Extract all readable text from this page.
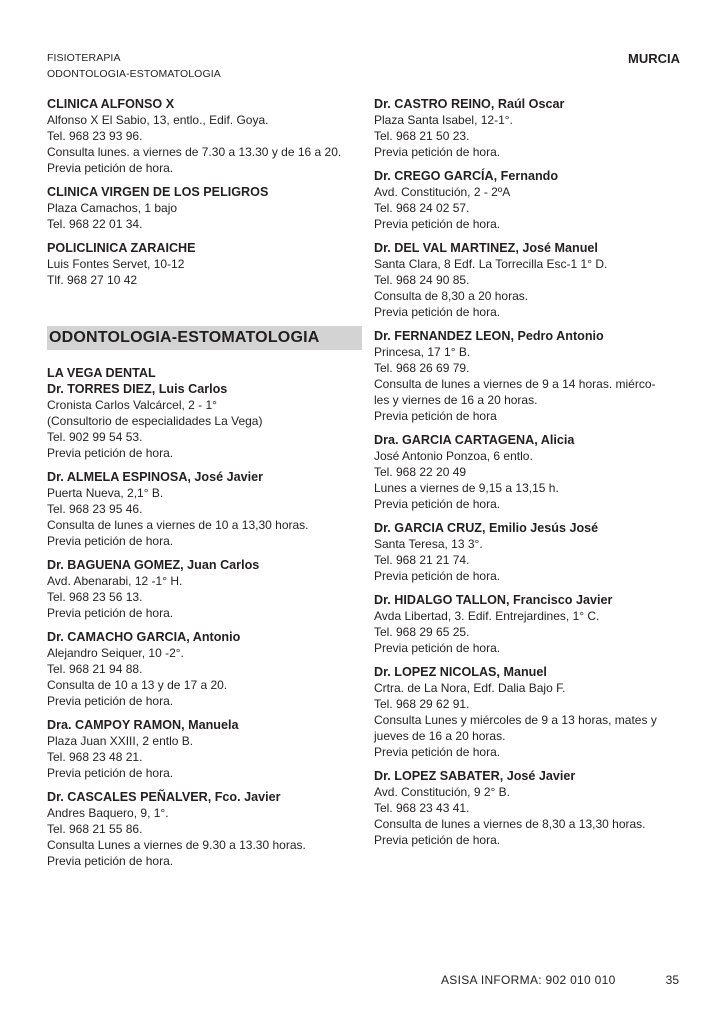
FISIOTERAPIA
ODONTOLOGIA-ESTOMATOLOGIA
MURCIA
CLINICA ALFONSO X
Alfonso X El Sabio, 13, entlo., Edif. Goya.
Tel. 968 23 93 96.
Consulta lunes. a viernes de 7.30 a 13.30 y de 16 a 20.
Previa petición de hora.
CLINICA VIRGEN DE LOS PELIGROS
Plaza Camachos, 1 bajo
Tel. 968 22 01 34.
POLICLINICA ZARAICHE
Luis Fontes Servet, 10-12
Tlf. 968 27 10 42
ODONTOLOGIA-ESTOMATOLOGIA
LA VEGA DENTAL
Dr. TORRES DIEZ, Luis Carlos
Cronista Carlos Valcárcel, 2 - 1°
(Consultorio de especialidades La Vega)
Tel. 902 99 54 53.
Previa petición de hora.
Dr. ALMELA ESPINOSA, José Javier
Puerta Nueva, 2,1° B.
Tel. 968 23 95 46.
Consulta de lunes a viernes de 10 a 13,30 horas.
Previa petición de hora.
Dr. BAGUENA GOMEZ, Juan Carlos
Avd. Abenarabi, 12 -1° H.
Tel. 968 23 56 13.
Previa petición de hora.
Dr. CAMACHO GARCIA, Antonio
Alejandro Seiquer, 10 -2°.
Tel. 968 21 94 88.
Consulta de 10 a 13 y de 17 a 20.
Previa petición de hora.
Dra. CAMPOY RAMON, Manuela
Plaza Juan XXIII, 2 entlo B.
Tel. 968 23 48 21.
Previa petición de hora.
Dr. CASCALES PEÑALVER, Fco. Javier
Andres Baquero, 9, 1°.
Tel. 968 21 55 86.
Consulta Lunes a viernes de 9.30 a 13.30 horas.
Previa petición de hora.
Dr. CASTRO REINO, Raúl Oscar
Plaza Santa Isabel, 12-1°.
Tel. 968 21 50 23.
Previa petición de hora.
Dr. CREGO GARCÍA, Fernando
Avd. Constitución, 2 - 2ºA
Tel. 968 24 02 57.
Previa petición de hora.
Dr. DEL VAL MARTINEZ, José Manuel
Santa Clara, 8 Edf. La Torrecilla Esc-1 1° D.
Tel. 968 24 90 85.
Consulta de 8,30 a 20 horas.
Previa petición de hora.
Dr. FERNANDEZ LEON, Pedro Antonio
Princesa, 17 1° B.
Tel. 968 26 69 79.
Consulta de lunes a viernes de 9 a 14 horas. miérco-
les y viernes de 16 a 20 horas.
Previa petición de hora
Dra. GARCIA CARTAGENA, Alicia
José Antonio Ponzoa, 6 entlo.
Tel. 968 22 20 49
Lunes a viernes de 9,15 a 13,15 h.
Previa petición de hora.
Dr. GARCIA CRUZ, Emilio Jesús José
Santa Teresa, 13 3°.
Tel. 968 21 21 74.
Previa petición de hora.
Dr. HIDALGO TALLON, Francisco Javier
Avda Libertad, 3. Edif. Entrejardines, 1° C.
Tel. 968 29 65 25.
Previa petición de hora.
Dr. LOPEZ NICOLAS, Manuel
Crtra. de La Nora, Edf. Dalia Bajo F.
Tel. 968 29 62 91.
Consulta Lunes y miércoles de 9 a 13 horas, mates y
jueves de 16 a 20 horas.
Previa petición de hora.
Dr. LOPEZ SABATER, José Javier
Avd. Constitución, 9 2° B.
Tel. 968 23 43 41.
Consulta de lunes a viernes de 8,30 a 13,30 horas.
Previa petición de hora.
ASISA INFORMA: 902 010 010	35
